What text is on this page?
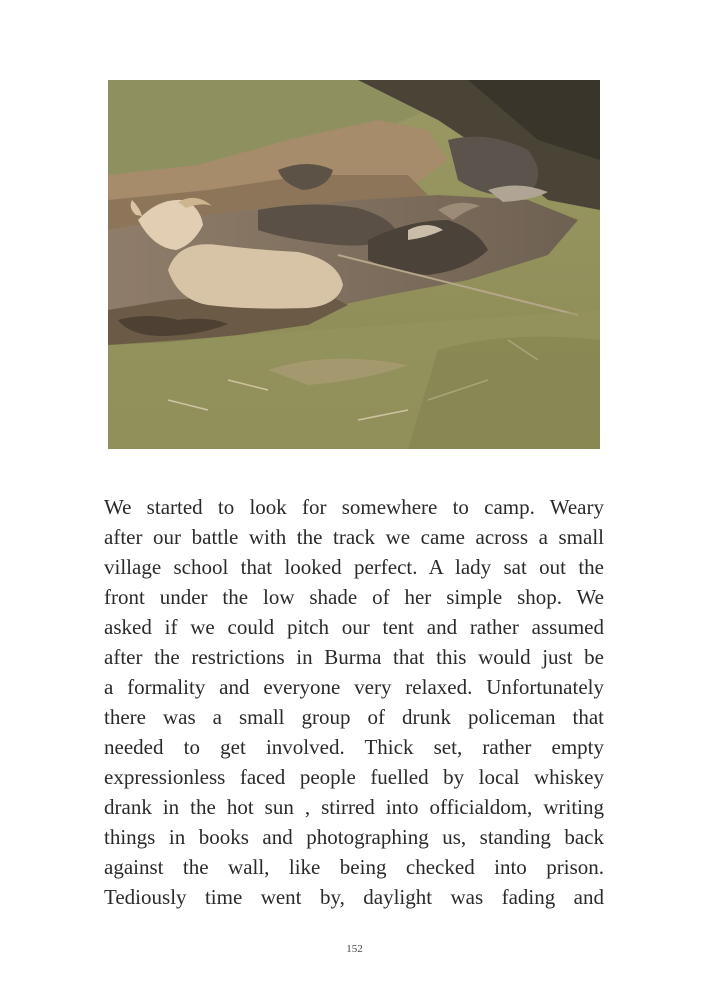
We started to look for somewhere to camp. Weary
after our battle with the track we came across a small
village school that looked perfect. A lady sat out the
front under the low shade of her simple shop. We
asked if we could pitch our tent and rather assumed
after the restrictions in Burma that this would just be
a formality and everyone very relaxed. Unfortunately
there was a small group of drunk policeman that
needed to get involved. Thick set, rather empty
expressionless faced people fuelled by local whiskey
drank in the hot sun , stirred into officialdom, writing
things in books and photographing us, standing back
against the wall, like being checked into prison.
Tediously time went by, daylight was fading and
152
